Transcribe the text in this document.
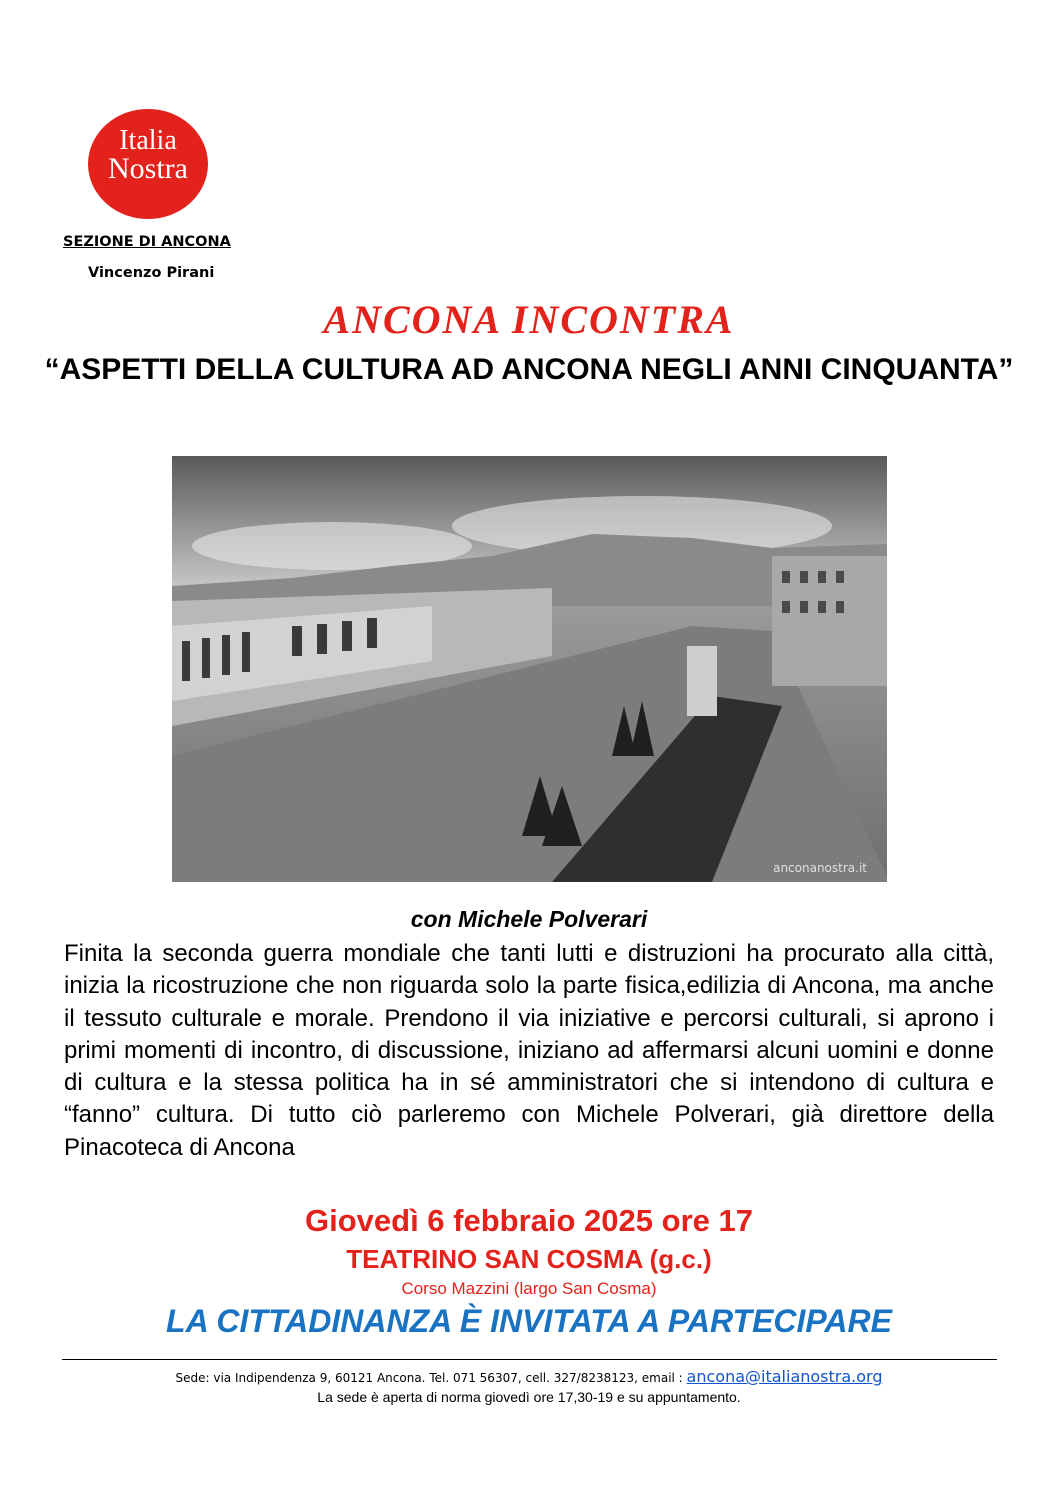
Italia
Nostra
SEZIONE DI ANCONA
Vincenzo Pirani
ANCONA INCONTRA
“ASPETTI DELLA CULTURA AD ANCONA NEGLI ANNI CINQUANTA”
anconanostra.it
con Michele Polverari
Finita la seconda guerra mondiale che tanti lutti e distruzioni ha procurato alla città, inizia la ricostruzione che non riguarda solo la parte fisica,edilizia di Ancona, ma anche il tessuto culturale e morale. Prendono il via iniziative e percorsi culturali, si aprono i primi momenti di incontro, di discussione, iniziano ad affermarsi alcuni uomini e donne di cultura e la stessa politica ha in sé amministratori che si intendono di cultura e “fanno” cultura. Di tutto ciò parleremo con Michele Polverari, già direttore della Pinacoteca di Ancona
Giovedì 6 febbraio 2025 ore 17
TEATRINO SAN COSMA (g.c.)
Corso Mazzini (largo San Cosma)
LA CITTADINANZA È INVITATA A PARTECIPARE
Sede: via Indipendenza 9, 60121 Ancona. Tel. 071 56307, cell. 327/8238123, email : ancona@italianostra.org
La sede è aperta di norma giovedì ore 17,30-19 e su appuntamento.
